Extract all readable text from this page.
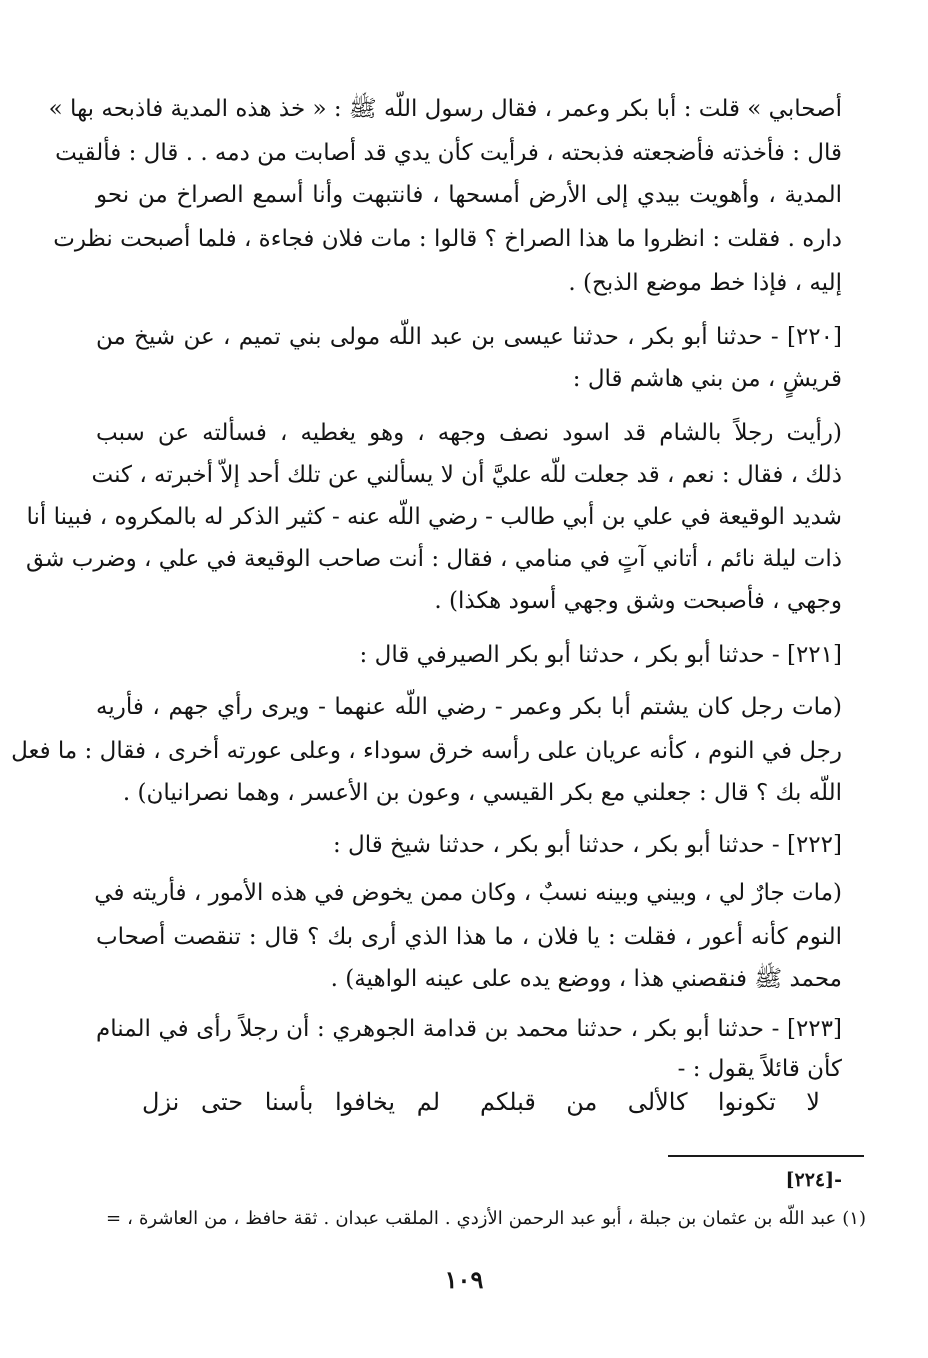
أصحابي » قلت : أبا بكر وعمر ، فقال رسول اللّه ﷺ : « خذ هذه المدية فاذبحه بها »
قال : فأخذته فأضجعته فذبحته ، فرأيت كأن يدي قد أصابت من دمه . . قال : فألقيت
المدية ، وأهويت بيدي إلى الأرض أمسحها ، فانتبهت وأنا أسمع الصراخ من نحو
داره . فقلت : انظروا ما هذا الصراخ ؟ قالوا : مات فلان فجاءة ، فلما أصبحت نظرت
إليه ، فإذا خط موضع الذبح) .
[٢٢٠] - حدثنا أبو بكر ، حدثنا عيسى بن عبد اللّه مولى بني تميم ، عن شيخ من
قريشٍ ، من بني هاشم قال :
(رأيت رجلاً بالشام قد اسود نصف وجهه ، وهو يغطيه ، فسألته عن سبب
ذلك ، فقال : نعم ، قد جعلت للّه عليَّ أن لا يسألني عن تلك أحد إلاّ أخبرته ، كنت
شديد الوقيعة في علي بن أبي طالب - رضي اللّه عنه - كثير الذكر له بالمكروه ، فبينا أنا
ذات ليلة نائم ، أتاني آتٍ في منامي ، فقال : أنت صاحب الوقيعة في علي ، وضرب شق
وجهي ، فأصبحت وشق وجهي أسود هكذا) .
[٢٢١] - حدثنا أبو بكر ، حدثنا أبو بكر الصيرفي قال :
(مات رجل كان يشتم أبا بكر وعمر - رضي اللّه عنهما - ويرى رأي جهم ، فأريه
رجل في النوم ، كأنه عريان على رأسه خرق سوداء ، وعلى عورته أخرى ، فقال : ما فعل
اللّه بك ؟ قال : جعلني مع بكر القيسي ، وعون بن الأعسر ، وهما نصرانيان) .
[٢٢٢] - حدثنا أبو بكر ، حدثنا أبو بكر ، حدثنا شيخ قال :
(مات جارٌ لي ، وبيني وبينه نسبٌ ، وكان ممن يخوض في هذه الأمور ، فأريته في
النوم كأنه أعور ، فقلت : يا فلان ، ما هذا الذي أرى بك ؟ قال : تنقصت أصحاب
محمد ﷺ فنقصني هذا ، ووضع يده على عينه الواهية) .
[٢٢٣] - حدثنا أبو بكر ، حدثنا محمد بن قدامة الجوهري : أن رجلاً رأى في المنام
كأن قائلاً يقول : -
لا تكونوا كالألى من قبلكم
لم يخافوا بأسنا حتى نزل
-[٢٢٤]
(١) عبد اللّه بن عثمان بن جبلة ، أبو عبد الرحمن الأزدي . الملقب عبدان . ثقة حافظ ، من العاشرة ، =
١٠٩
